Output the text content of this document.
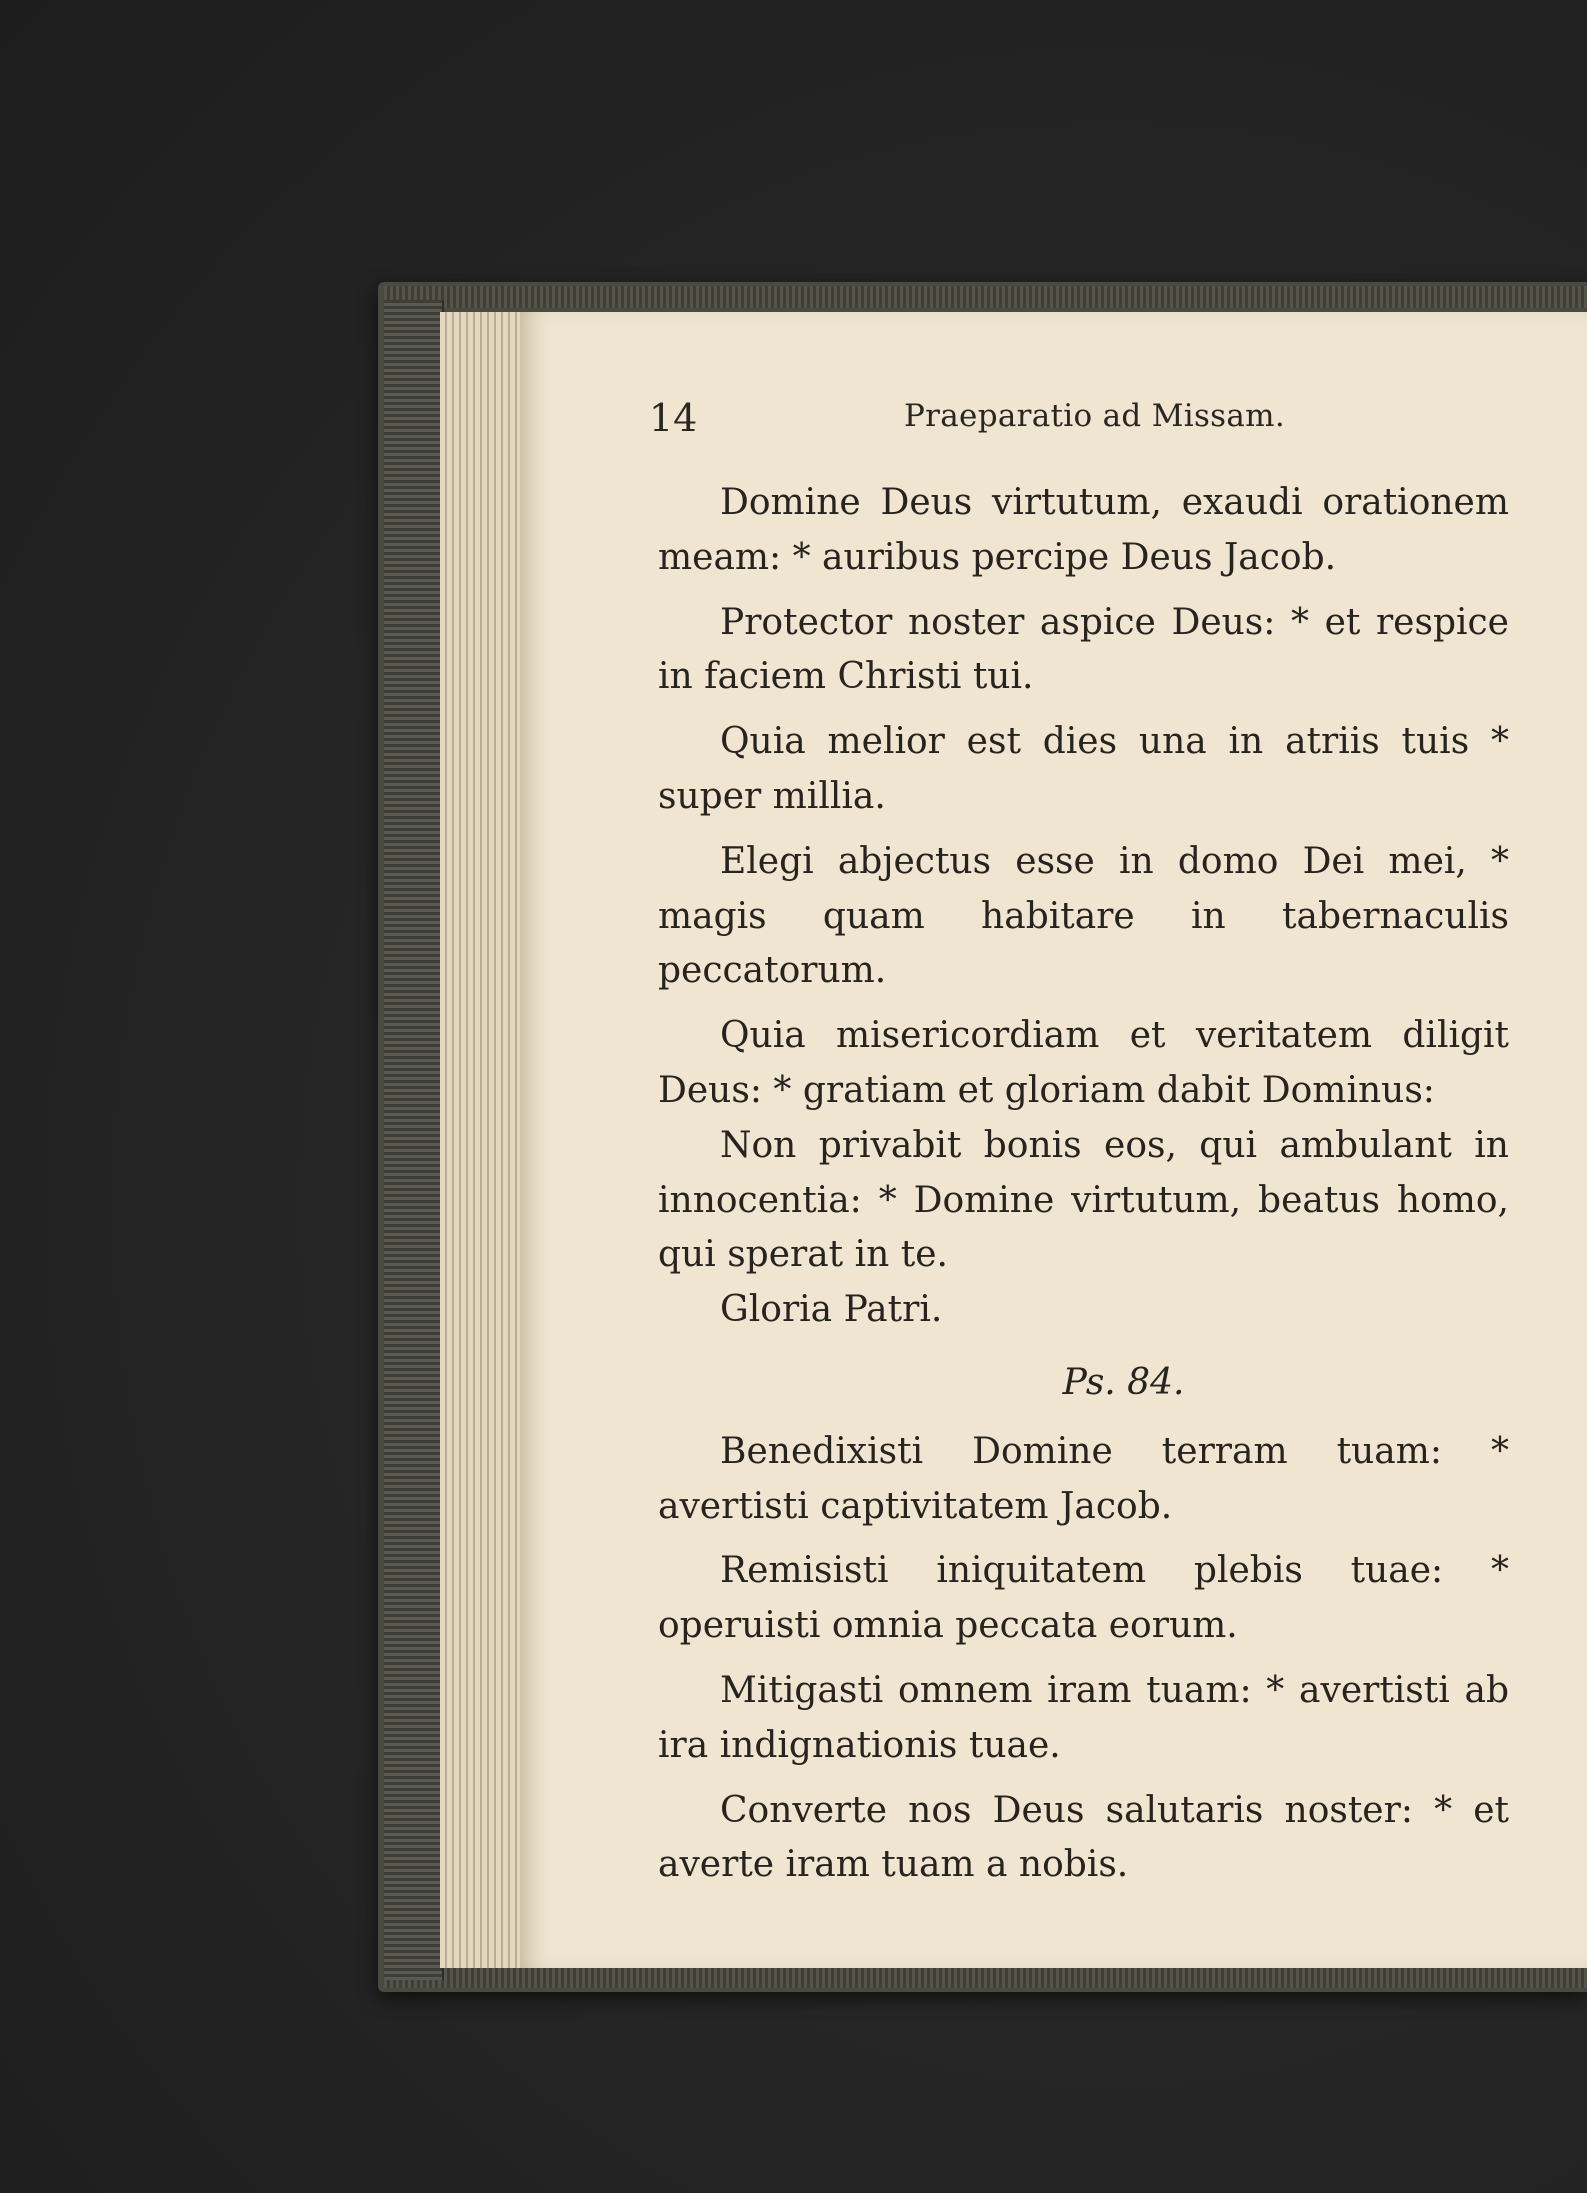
14	Praeparatio ad Missam.

Domine Deus virtutum, exaudi orationem meam: * auribus percipe Deus Jacob.

Protector noster aspice Deus: * et respice in faciem Christi tui.

Quia melior est dies una in atriis tuis * super millia.

Elegi abjectus esse in domo Dei mei, * magis quam habitare in tabernaculis peccatorum.

Quia misericordiam et veritatem diligit Deus: * gratiam et gloriam dabit Dominus:

Non privabit bonis eos, qui ambulant in innocentia: * Domine virtutum, beatus homo, qui sperat in te.

Gloria Patri.

Ps. 84.

Benedixisti Domine terram tuam: * avertisti captivitatem Jacob.

Remisisti iniquitatem plebis tuae: * operuisti omnia peccata eorum.

Mitigasti omnem iram tuam: * avertisti ab ira indignationis tuae.

Converte nos Deus salutaris noster: * et averte iram tuam a nobis.
